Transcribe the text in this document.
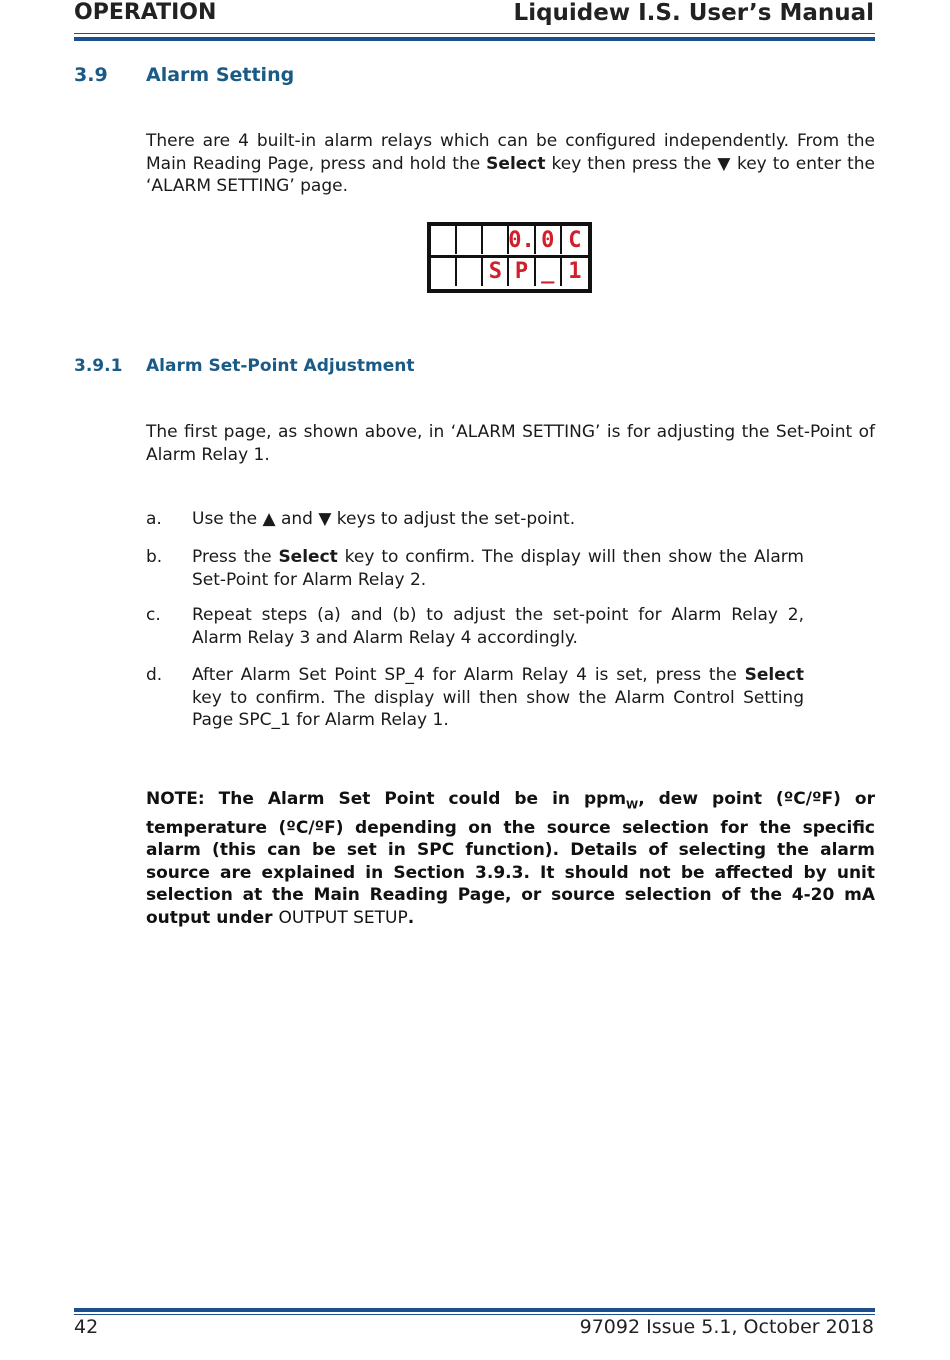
OPERATION	Liquidew I.S. User’s Manual
3.9 Alarm Setting
There are 4 built-in alarm relays which can be configured independently. From the Main Reading Page, press and hold the Select key then press the ▼ key to enter the ‘ALARM SETTING’ page.
0. 0 C
S P _ 1
3.9.1 Alarm Set-Point Adjustment
The first page, as shown above, in ‘ALARM SETTING’ is for adjusting the Set-Point of Alarm Relay 1.
a. Use the ▲ and ▼ keys to adjust the set-point.
b. Press the Select key to confirm. The display will then show the Alarm Set-Point for Alarm Relay 2.
c. Repeat steps (a) and (b) to adjust the set-point for Alarm Relay 2, Alarm Relay 3 and Alarm Relay 4 accordingly.
d. After Alarm Set Point SP_4 for Alarm Relay 4 is set, press the Select key to confirm. The display will then show the Alarm Control Setting Page SPC_1 for Alarm Relay 1.
NOTE: The Alarm Set Point could be in ppm$_W$, dew point (ºC/ºF) or temperature (ºC/ºF) depending on the source selection for the specific alarm (this can be set in SPC function). Details of selecting the alarm source are explained in Section 3.9.3. It should not be affected by unit selection at the Main Reading Page, or source selection of the 4-20 mA output under OUTPUT SETUP.
42	97092 Issue 5.1, October 2018
